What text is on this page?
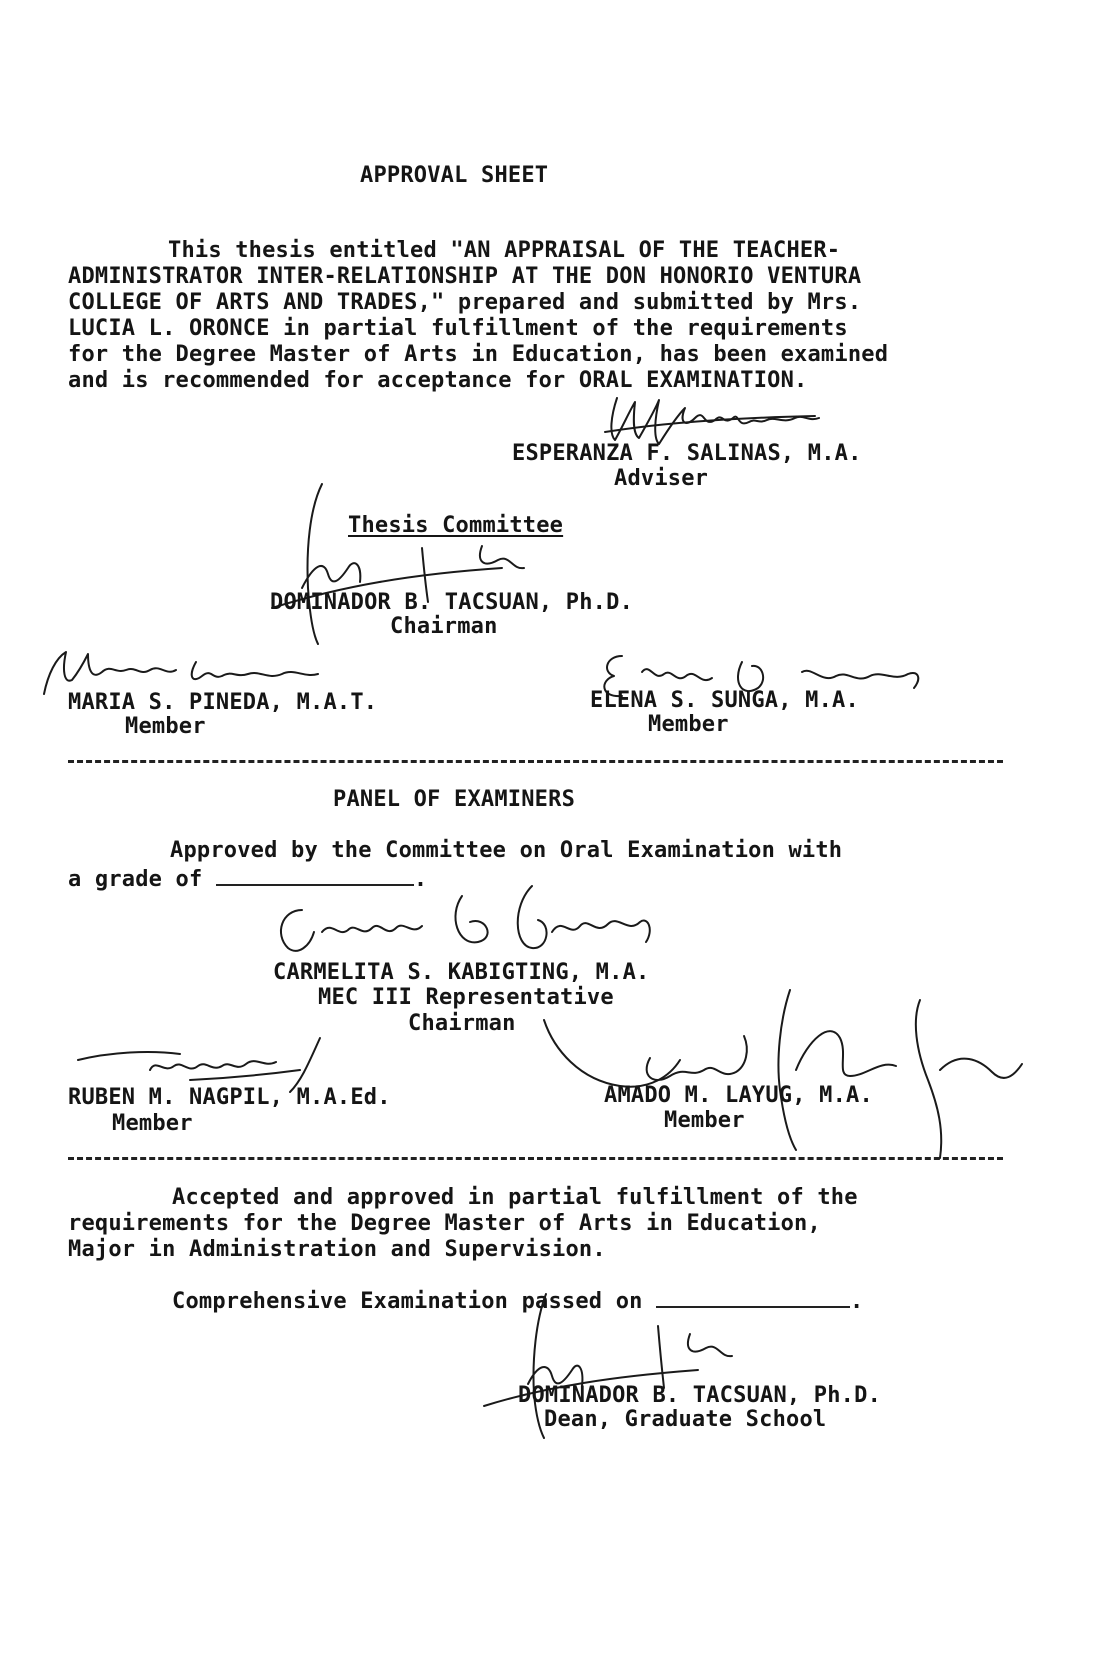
APPROVAL SHEET
This thesis entitled "AN APPRAISAL OF THE TEACHER-
ADMINISTRATOR INTER-RELATIONSHIP AT THE DON HONORIO VENTURA
COLLEGE OF ARTS AND TRADES," prepared and submitted by Mrs.
LUCIA L. ORONCE in partial fulfillment of the requirements
for the Degree Master of Arts in Education, has been examined
and is recommended for acceptance for ORAL EXAMINATION.
ESPERANZA F. SALINAS, M.A.
Adviser
Thesis Committee
DOMINADOR B. TACSUAN, Ph.D.
Chairman
MARIA S. PINEDA, M.A.T.
Member
ELENA S. SUNGA, M.A.
Member
PANEL OF EXAMINERS
Approved by the Committee on Oral Examination with
a grade of	.
CARMELITA S. KABIGTING, M.A.
MEC III Representative
Chairman
RUBEN M. NAGPIL, M.A.Ed.
Member
AMADO M. LAYUG, M.A.
Member
Accepted and approved in partial fulfillment of the
requirements for the Degree Master of Arts in Education,
Major in Administration and Supervision.
Comprehensive Examination passed on	.
DOMINADOR B. TACSUAN, Ph.D.
Dean, Graduate School
